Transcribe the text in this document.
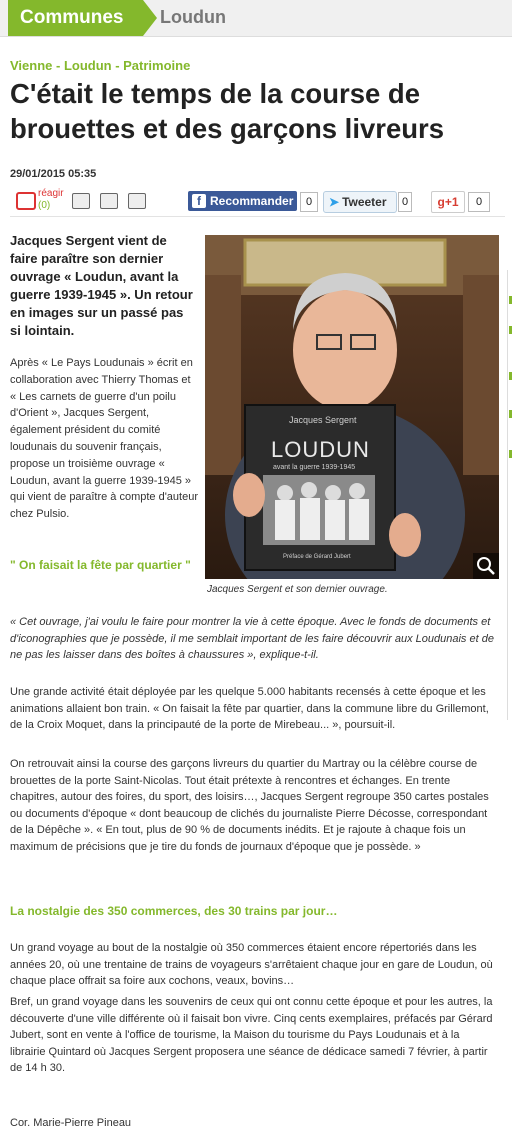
Communes	Loudun
Vienne - Loudun - Patrimoine
C'était le temps de la course de brouettes et des garçons livreurs
29/01/2015 05:35
réagir
(0)	f Recommander	0	➤ Tweeter	0	g+1	0

Jacques Sergent vient de faire paraître son dernier ouvrage « Loudun, avant la guerre 1939-1945 ». Un retour en images sur un passé pas si lointain.

Après « Le Pays Loudunais » écrit en collaboration avec Thierry Thomas et « Les carnets de guerre d'un poilu d'Orient », Jacques Sergent, également président du comité loudunais du souvenir français, propose un troisième ouvrage « Loudun, avant la guerre 1939-1945 » qui vient de paraître à compte d'auteur chez Pulsio.

" On faisait la fête par quartier "

Jacques Sergent
LOUDUN
avant la guerre 1939-1945
Préface de Gérard Jubert
Jacques Sergent et son dernier ouvrage.

« Cet ouvrage, j'ai voulu le faire pour montrer la vie à cette époque. Avec le fonds de documents et d'iconographies que je possède, il me semblait important de les faire découvrir aux Loudunais et de ne pas les laisser dans des boîtes à chaussures », explique-t-il.

Une grande activité était déployée par les quelque 5.000 habitants recensés à cette époque et les animations allaient bon train. « On faisait la fête par quartier, dans la commune libre du Grillemont, de la Croix Moquet, dans la principauté de la porte de Mirebeau... », poursuit-il.

On retrouvait ainsi la course des garçons livreurs du quartier du Martray ou la célèbre course de brouettes de la porte Saint-Nicolas. Tout était prétexte à rencontres et échanges. En trente chapitres, autour des foires, du sport, des loisirs…, Jacques Sergent regroupe 350 cartes postales ou documents d'époque « dont beaucoup de clichés du journaliste Pierre Décosse, correspondant de la Dépêche ». « En tout, plus de 90 % de documents inédits. Et je rajoute à chaque fois un maximum de précisions que je tire du fonds de journaux d'époque que je possède. »

La nostalgie des 350 commerces, des 30 trains par jour…

Un grand voyage au bout de la nostalgie où 350 commerces étaient encore répertoriés dans les années 20, où une trentaine de trains de voyageurs s'arrêtaient chaque jour en gare de Loudun, où chaque place offrait sa foire aux cochons, veaux, bovins…

Bref, un grand voyage dans les souvenirs de ceux qui ont connu cette époque et pour les autres, la découverte d'une ville différente où il faisait bon vivre. Cinq cents exemplaires, préfacés par Gérard Jubert, sont en vente à l'office de tourisme, la Maison du tourisme du Pays Loudunais et à la librairie Quintard où Jacques Sergent proposera une séance de dédicace samedi 7 février, à partir de 14 h 30.

Cor. Marie-Pierre Pineau
